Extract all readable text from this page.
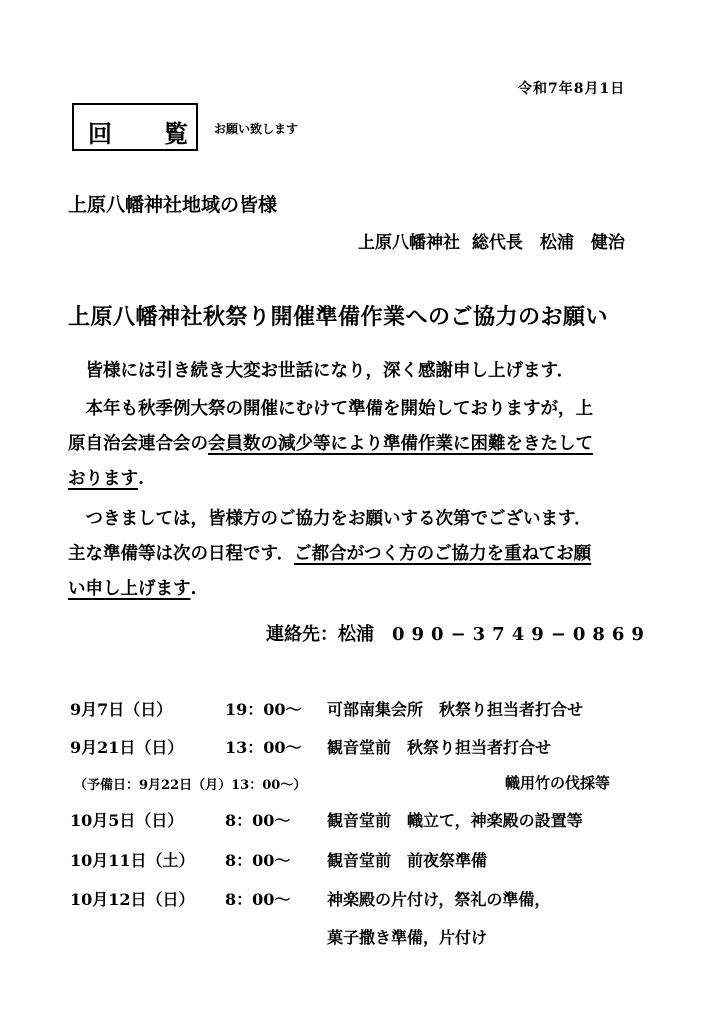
令和7年8月1日
回　覧 お願い致します
上原八幡神社地域の皆様
上原八幡神社 総代長　松浦　健治
上原八幡神社秋祭り開催準備作業へのご協力のお願い
　皆様には引き続き大変お世話になり，深く感謝申し上げます．
　本年も秋季例大祭の開催にむけて準備を開始しておりますが，上
原自治会連合会の会員数の減少等により準備作業に困難をきたして
おります.
　つきましては，皆様方のご協力をお願いする次第でございます．
主な準備等は次の日程です．ご都合がつく方のご協力を重ねてお願
い申し上げます.
連絡先：松浦　 090−3749−0869
9月7日（日）	19：00〜 可部南集会所　秋祭り担当者打合せ
9月21日（日）	13：00〜 観音堂前　秋祭り担当者打合せ
（予備日：9月22日（月）13：00〜）	幟用竹の伐採等
10月5日（日）	8：00〜 観音堂前　幟立て，神楽殿の設置等
10月11日（土） 8：00〜 観音堂前　前夜祭準備
10月12日（日） 8：00〜 神楽殿の片付け，祭礼の準備，
菓子撒き準備，片付け
